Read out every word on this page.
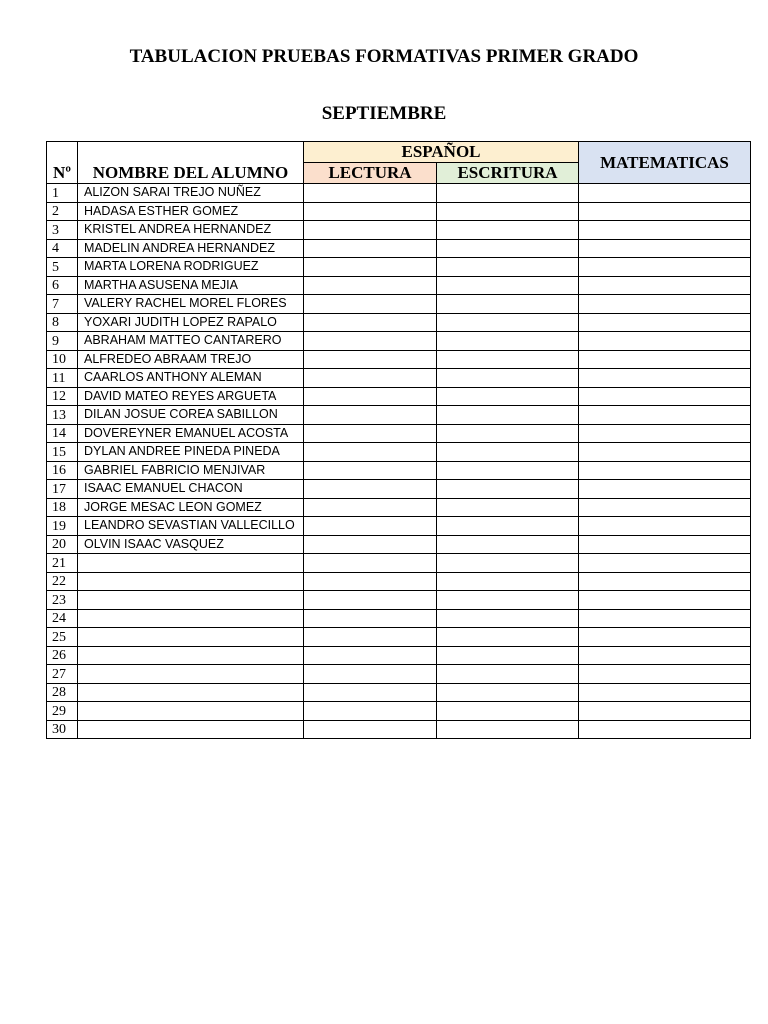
TABULACION PRUEBAS FORMATIVAS PRIMER GRADO
SEPTIEMBRE
Nº	NOMBRE DEL ALUMNO	ESPAÑOL		MATEMATICAS
		LECTURA	ESCRITURA	
1	ALIZON SARAI TREJO NUÑEZ			
2	HADASA ESTHER GOMEZ			
3	KRISTEL ANDREA HERNANDEZ			
4	MADELIN ANDREA HERNANDEZ			
5	MARTA LORENA RODRIGUEZ			
6	MARTHA ASUSENA MEJIA			
7	VALERY RACHEL MOREL FLORES			
8	YOXARI JUDITH LOPEZ RAPALO			
9	ABRAHAM MATTEO CANTARERO			
10	ALFREDEO ABRAAM TREJO			
11	CAARLOS ANTHONY ALEMAN			
12	DAVID MATEO REYES ARGUETA			
13	DILAN JOSUE COREA SABILLON			
14	DOVEREYNER EMANUEL ACOSTA			
15	DYLAN ANDREE PINEDA PINEDA			
16	GABRIEL FABRICIO MENJIVAR			
17	ISAAC EMANUEL CHACON			
18	JORGE MESAC LEON GOMEZ			
19	LEANDRO SEVASTIAN VALLECILLO			
20	OLVIN ISAAC VASQUEZ			
21				
22				
23				
24				
25				
26				
27				
28				
29				
30				
